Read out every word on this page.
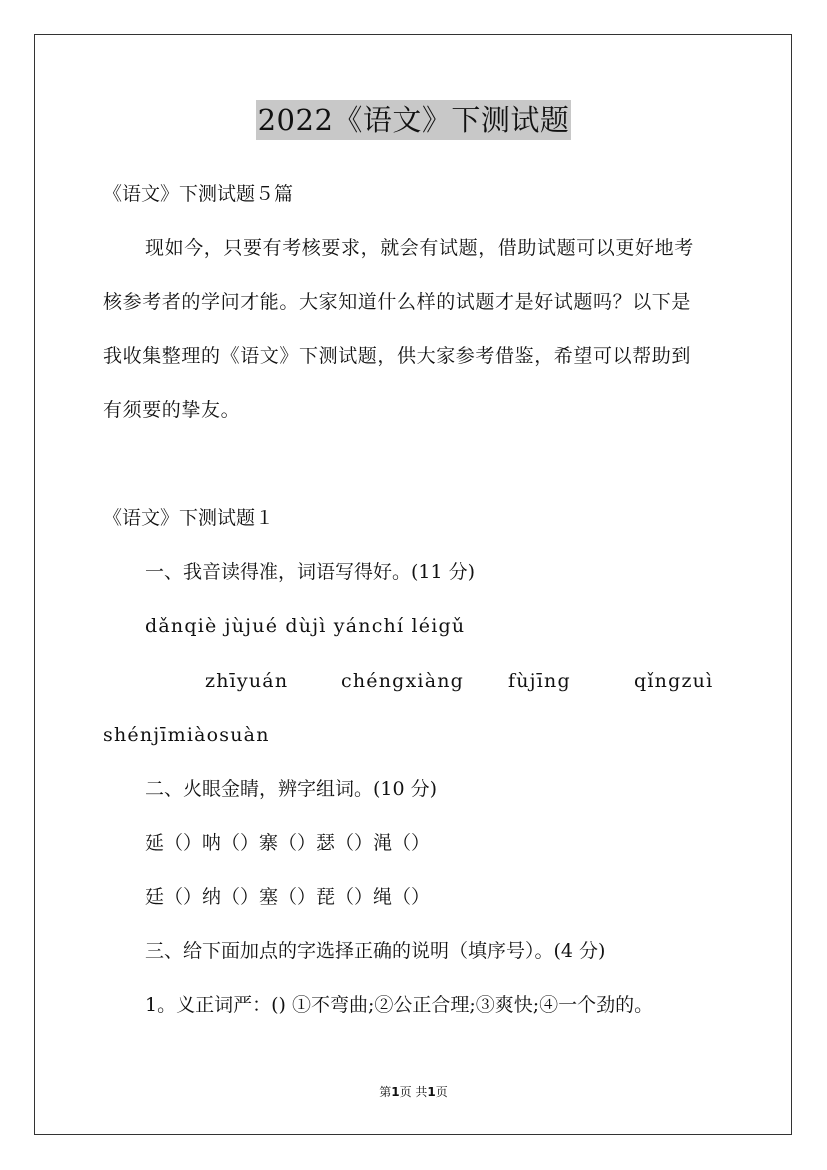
2022《语文》下测试题
《语文》下测试题５篇
现如今，只要有考核要求，就会有试题，借助试题可以更好地考
核参考者的学问才能。大家知道什么样的试题才是好试题吗？以下是
我收集整理的《语文》下测试题，供大家参考借鉴，希望可以帮助到
有须要的挚友。
《语文》下测试题１
一、我音读得准，词语写得好。(11 分)
dǎnqiè jùjué dùjì yánchí léigǔ
zhīyuán	chéngxiàng fùjīng	qǐngzuì
shénjīmiàosuàn
二、火眼金睛，辨字组词。(10 分)
延（）呐（）寨（）瑟（）渑（）
廷（）纳（）塞（）琵（）绳（）
三、给下面加点的字选择正确的说明（填序号）。(4 分)
1。义正词严：() ①不弯曲;②公正合理;③爽快;④一个劲的。
第1页 共1页
